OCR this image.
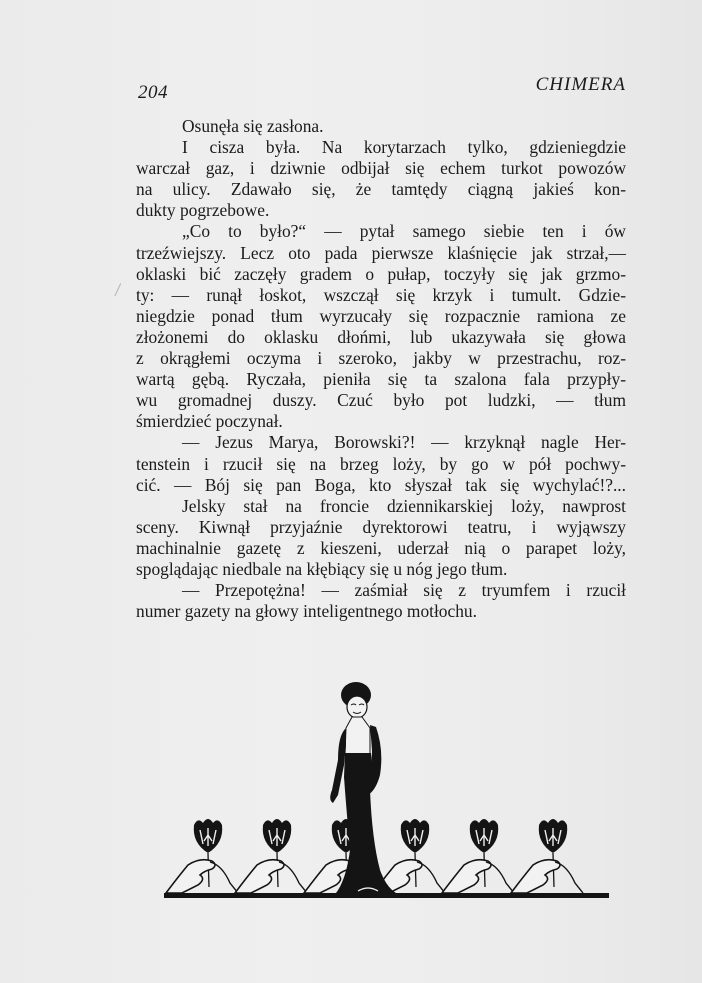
204	CHIMERA
Osunęła się zasłona.
I cisza była. Na korytarzach tylko, gdzieniegdzie
warczał gaz, i dziwnie odbijał się echem turkot powozów
na ulicy. Zdawało się, że tamtędy ciągną jakieś kon-
dukty pogrzebowe.
„Co to było?“ — pytał samego siebie ten i ów
trzeźwiejszy. Lecz oto pada pierwsze klaśnięcie jak strzał,—
oklaski bić zaczęły gradem o pułap, toczyły się jak grzmo-
ty: — runął łoskot, wszczął się krzyk i tumult. Gdzie-
niegdzie ponad tłum wyrzucały się rozpacznie ramiona ze
złożonemi do oklasku dłońmi, lub ukazywała się głowa
z okrągłemi oczyma i szeroko, jakby w przestrachu, roz-
wartą gębą. Ryczała, pieniła się ta szalona fala przypły-
wu gromadnej duszy. Czuć było pot ludzki, — tłum
śmierdzieć poczynał.
— Jezus Marya, Borowski?! — krzyknął nagle Her-
tenstein i rzucił się na brzeg loży, by go w pół pochwy-
cić. — Bój się pan Boga, kto słyszał tak się wychylać!?...
Jelsky stał na froncie dziennikarskiej loży, nawprost
sceny. Kiwnął przyjaźnie dyrektorowi teatru, i wyjąwszy
machinalnie gazetę z kieszeni, uderzał nią o parapet loży,
spoglądając niedbale na kłębiący się u nóg jego tłum.
— Przepotężna! — zaśmiał się z tryumfem i rzucił
numer gazety na głowy inteligentnego motłochu.
